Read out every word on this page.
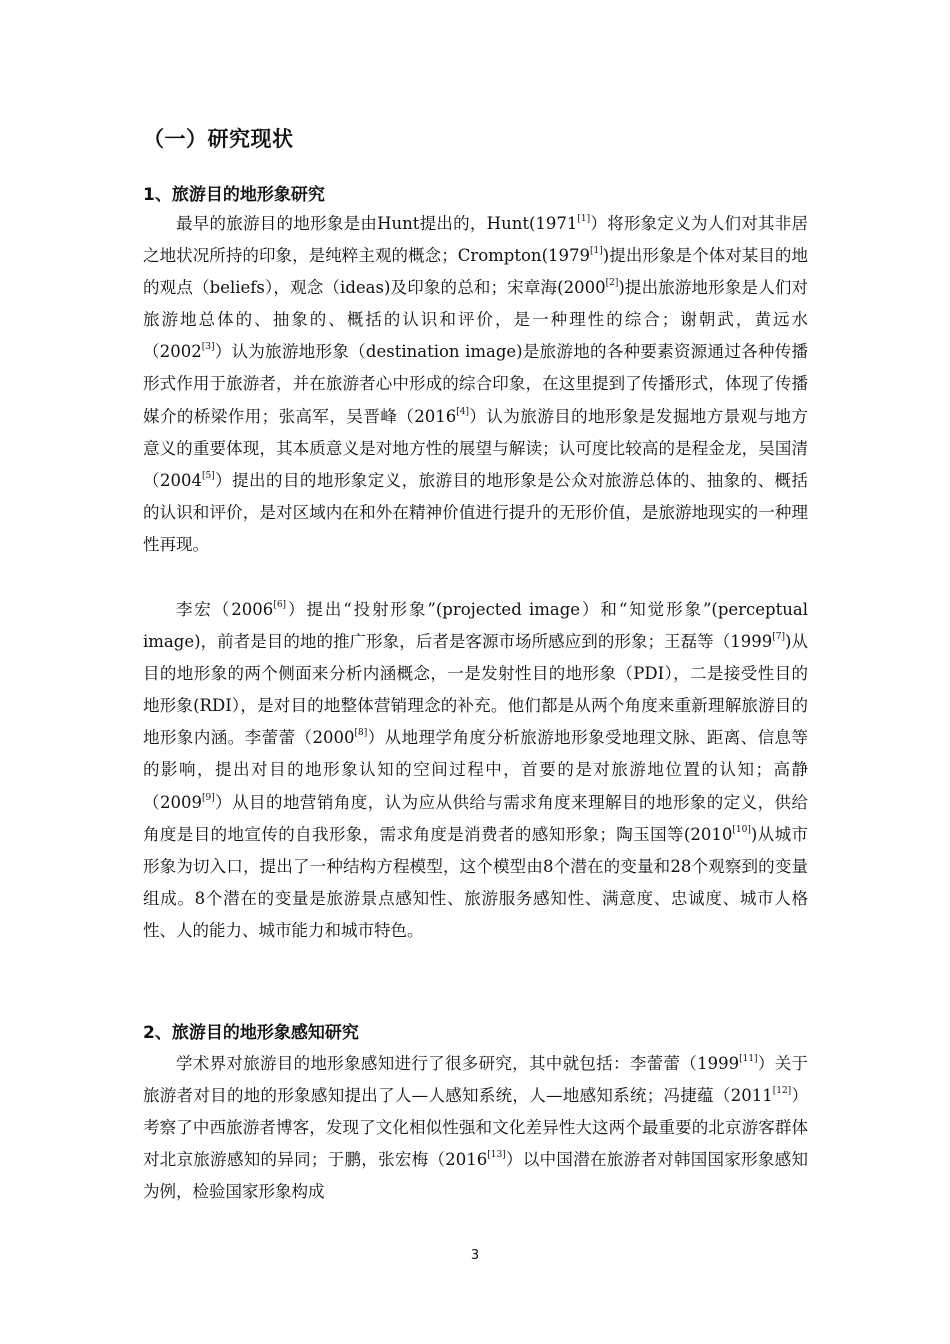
（一）研究现状
1、旅游目的地形象研究

最早的旅游目的地形象是由Hunt提出的，Hunt(1971[1]）将形象定义为人们对其非居之地状况所持的印象，是纯粹主观的概念；Crompton(1979[1])提出形象是个体对某目的地的观点（beliefs），观念（ideas)及印象的总和；宋章海(2000[2])提出旅游地形象是人们对旅游地总体的、抽象的、概括的认识和评价，是一种理性的综合；谢朝武，黄远水（2002[3]）认为旅游地形象（destination image)是旅游地的各种要素资源通过各种传播形式作用于旅游者，并在旅游者心中形成的综合印象，在这里提到了传播形式，体现了传播媒介的桥梁作用；张高军，吴晋峰（2016[4]）认为旅游目的地形象是发掘地方景观与地方意义的重要体现，其本质意义是对地方性的展望与解读；认可度比较高的是程金龙，吴国清（2004[5]）提出的目的地形象定义，旅游目的地形象是公众对旅游总体的、抽象的、概括的认识和评价，是对区域内在和外在精神价值进行提升的无形价值，是旅游地现实的一种理性再现。

李宏（2006[6]）提出“投射形象”(projected image）和“知觉形象”(perceptual image)，前者是目的地的推广形象，后者是客源市场所感应到的形象；王磊等（1999[7])从目的地形象的两个侧面来分析内涵概念，一是发射性目的地形象（PDI），二是接受性目的地形象(RDI），是对目的地整体营销理念的补充。他们都是从两个角度来重新理解旅游目的地形象内涵。李蕾蕾（2000[8]）从地理学角度分析旅游地形象受地理文脉、距离、信息等的影响，提出对目的地形象认知的空间过程中，首要的是对旅游地位置的认知；高静（2009[9]）从目的地营销角度，认为应从供给与需求角度来理解目的地形象的定义，供给角度是目的地宣传的自我形象，需求角度是消费者的感知形象；陶玉国等(2010[10])从城市形象为切入口，提出了一种结构方程模型，这个模型由8个潜在的变量和28个观察到的变量组成。8个潜在的变量是旅游景点感知性、旅游服务感知性、满意度、忠诚度、城市人格性、人的能力、城市能力和城市特色。

2、旅游目的地形象感知研究

学术界对旅游目的地形象感知进行了很多研究，其中就包括：李蕾蕾（1999[11]）关于旅游者对目的地的形象感知提出了人—人感知系统，人—地感知系统；冯捷蕴（2011[12]）考察了中西旅游者博客，发现了文化相似性强和文化差异性大这两个最重要的北京游客群体对北京旅游感知的异同；于鹏，张宏梅（2016[13]）以中国潜在旅游者对韩国国家形象感知为例，检验国家形象构成

3
